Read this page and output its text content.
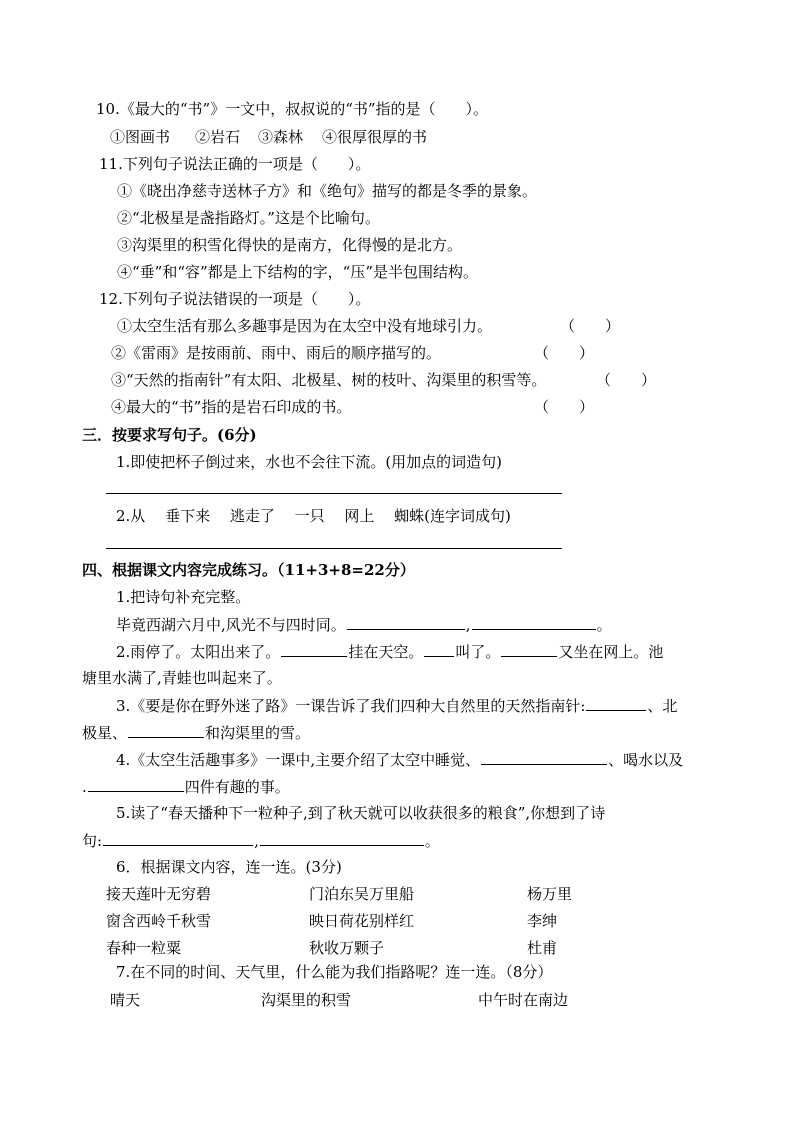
10.《最大的“书”》一文中，叔叔说的“书”指的是（　　）。
①图画书 ②岩石 ③森林 ④很厚很厚的书
11.下列句子说法正确的一项是（　　）。
①《晓出净慈寺送林子方》和《绝句》描写的都是冬季的景象。
②“北极星是盏指路灯。”这是个比喻句。
③沟渠里的积雪化得快的是南方，化得慢的是北方。
④“垂”和“容”都是上下结构的字，“压”是半包围结构。
12.下列句子说法错误的一项是（　　）。
①太空生活有那么多趣事是因为在太空中没有地球引力。	（　　）
②《雷雨》是按雨前、雨中、雨后的顺序描写的。	（　　）
③“天然的指南针”有太阳、北极星、树的枝叶、沟渠里的积雪等。	（　　）
④最大的“书”指的是岩石印成的书。	（　　）
三．按要求写句子。(6分)
1.即使把杯子倒过来，水也不会往下流。(用加点的词造句)
2.从　 垂下来　 逃走了　 一只　 网上　 蜘蛛(连字词成句)
四、根据课文内容完成练习。（11+3+8=22分）
1.把诗句补充完整。
毕竟西湖六月中,风光不与四时同。	,	。
2.雨停了。太阳出来了。	挂在天空。 叫了。	又坐在网上。池
塘里水满了,青蛙也叫起来了。
3.《要是你在野外迷了路》一课告诉了我们四种大自然里的天然指南针:	、北
极星、	和沟渠里的雪。
4.《太空生活趣事多》一课中,主要介绍了太空中睡觉、	、喝水以及
.	四件有趣的事。
5.读了“春天播种下一粒种子,到了秋天就可以收获很多的粮食”,你想到了诗
句:	,	。
6．根据课文内容，连一连。(3分)
接天莲叶无穷碧	门泊东吴万里船	杨万里
窗含西岭千秋雪	映日荷花别样红	李绅
春种一粒粟	秋收万颗子	杜甫
7.在不同的时间、天气里，什么能为我们指路呢？连一连。（8分）
晴天	沟渠里的积雪	中午时在南边
